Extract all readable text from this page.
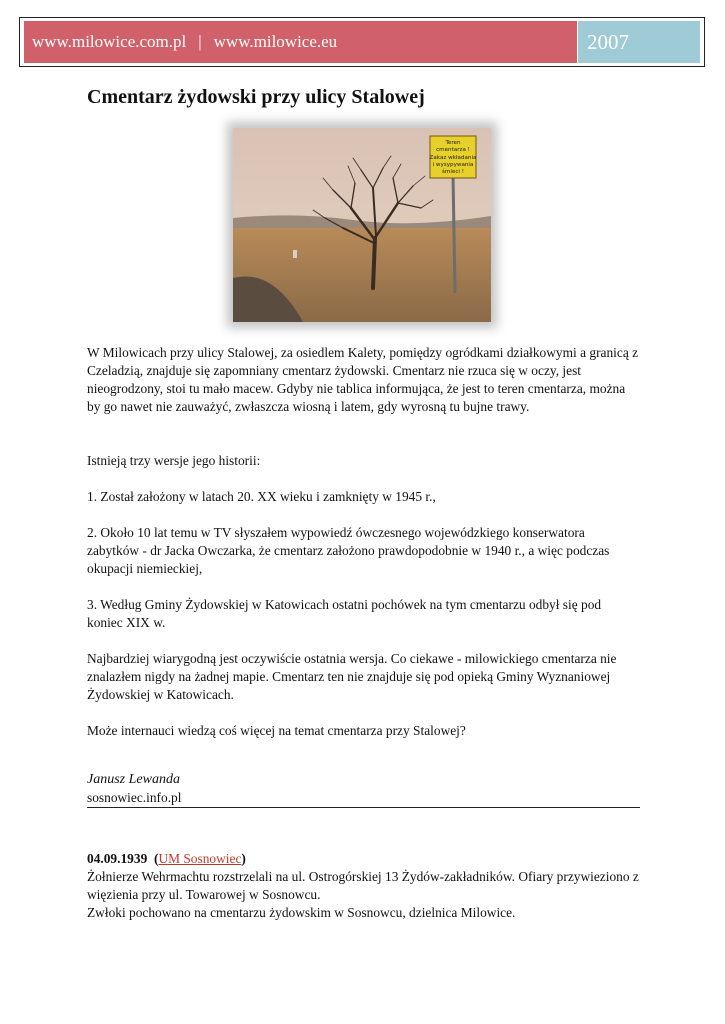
www.milowice.com.pl | www.milowice.eu	2007
Cmentarz żydowski przy ulicy Stalowej
Teren
cmentarza !
Zakaz wkładania
i wysypywania
śmieci !

W Milowicach przy ulicy Stalowej, za osiedlem Kalety, pomiędzy ogródkami działkowymi a granicą z Czeladzią, znajduje się zapomniany cmentarz żydowski. Cmentarz nie rzuca się w oczy, jest nieogrodzony, stoi tu mało macew. Gdyby nie tablica informująca, że jest to teren cmentarza, można by go nawet nie zauważyć, zwłaszcza wiosną i latem, gdy wyrosną tu bujne trawy.

Istnieją trzy wersje jego historii:

1. Został założony w latach 20. XX wieku i zamknięty w 1945 r.,

2. Około 10 lat temu w TV słyszałem wypowiedź ówczesnego wojewódzkiego konserwatora zabytków - dr Jacka Owczarka, że cmentarz założono prawdopodobnie w 1940 r., a więc podczas okupacji niemieckiej,

3. Według Gminy Żydowskiej w Katowicach ostatni pochówek na tym cmentarzu odbył się pod koniec XIX w.

Najbardziej wiarygodną jest oczywiście ostatnia wersja. Co ciekawe - milowickiego cmentarza nie znalazłem nigdy na żadnej mapie. Cmentarz ten nie znajduje się pod opieką Gminy Wyznaniowej Żydowskiej w Katowicach.

Może internauci wiedzą coś więcej na temat cmentarza przy Stalowej?

Janusz Lewanda

sosnowiec.info.pl

04.09.1939 (UM Sosnowiec)

Żołnierze Wehrmachtu rozstrzelali na ul. Ostrogórskiej 13 Żydów-zakładników. Ofiary przywieziono z więzienia przy ul. Towarowej w Sosnowcu.

Zwłoki pochowano na cmentarzu żydowskim w Sosnowcu, dzielnica Milowice.
